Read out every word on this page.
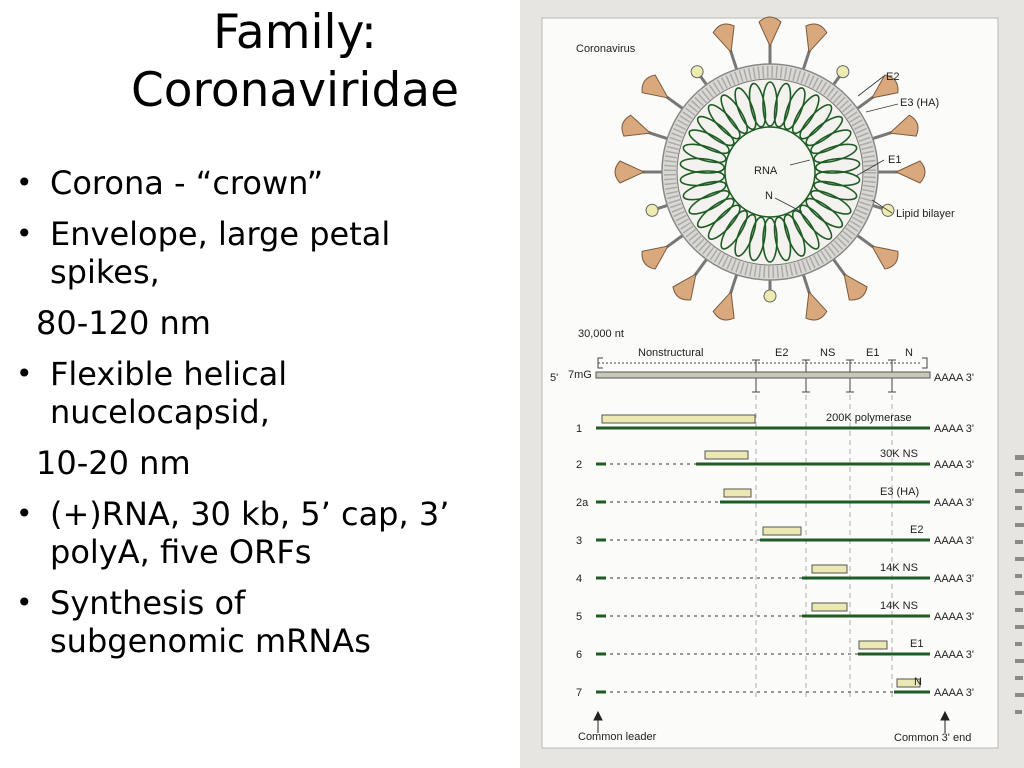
Family:
Coronaviridae
• Corona - “crown”
• Envelope, large petal
spikes,
80-120 nm
• Flexible helical
nucelocapsid,
10-20 nm
• (+)RNA, 30 kb, 5’ cap, 3’
polyA, five ORFs
• Synthesis of
subgenomic mRNAs
Coronavirus
E2
E3 (HA)
E1
RNA
N
Lipid bilayer
30,000 nt
Nonstructural	E2	NS	E1 N
5' 7mG	AAAA 3'
1
200K polymerase
AAAA 3'
2
30K NS
AAAA 3'
2a
E3 (HA)
AAAA 3'
3
E2
AAAA 3'
4
14K NS
AAAA 3'
5
14K NS
AAAA 3'
6
E1
AAAA 3'
7
N
AAAA 3'
Common leader	Common 3' end
